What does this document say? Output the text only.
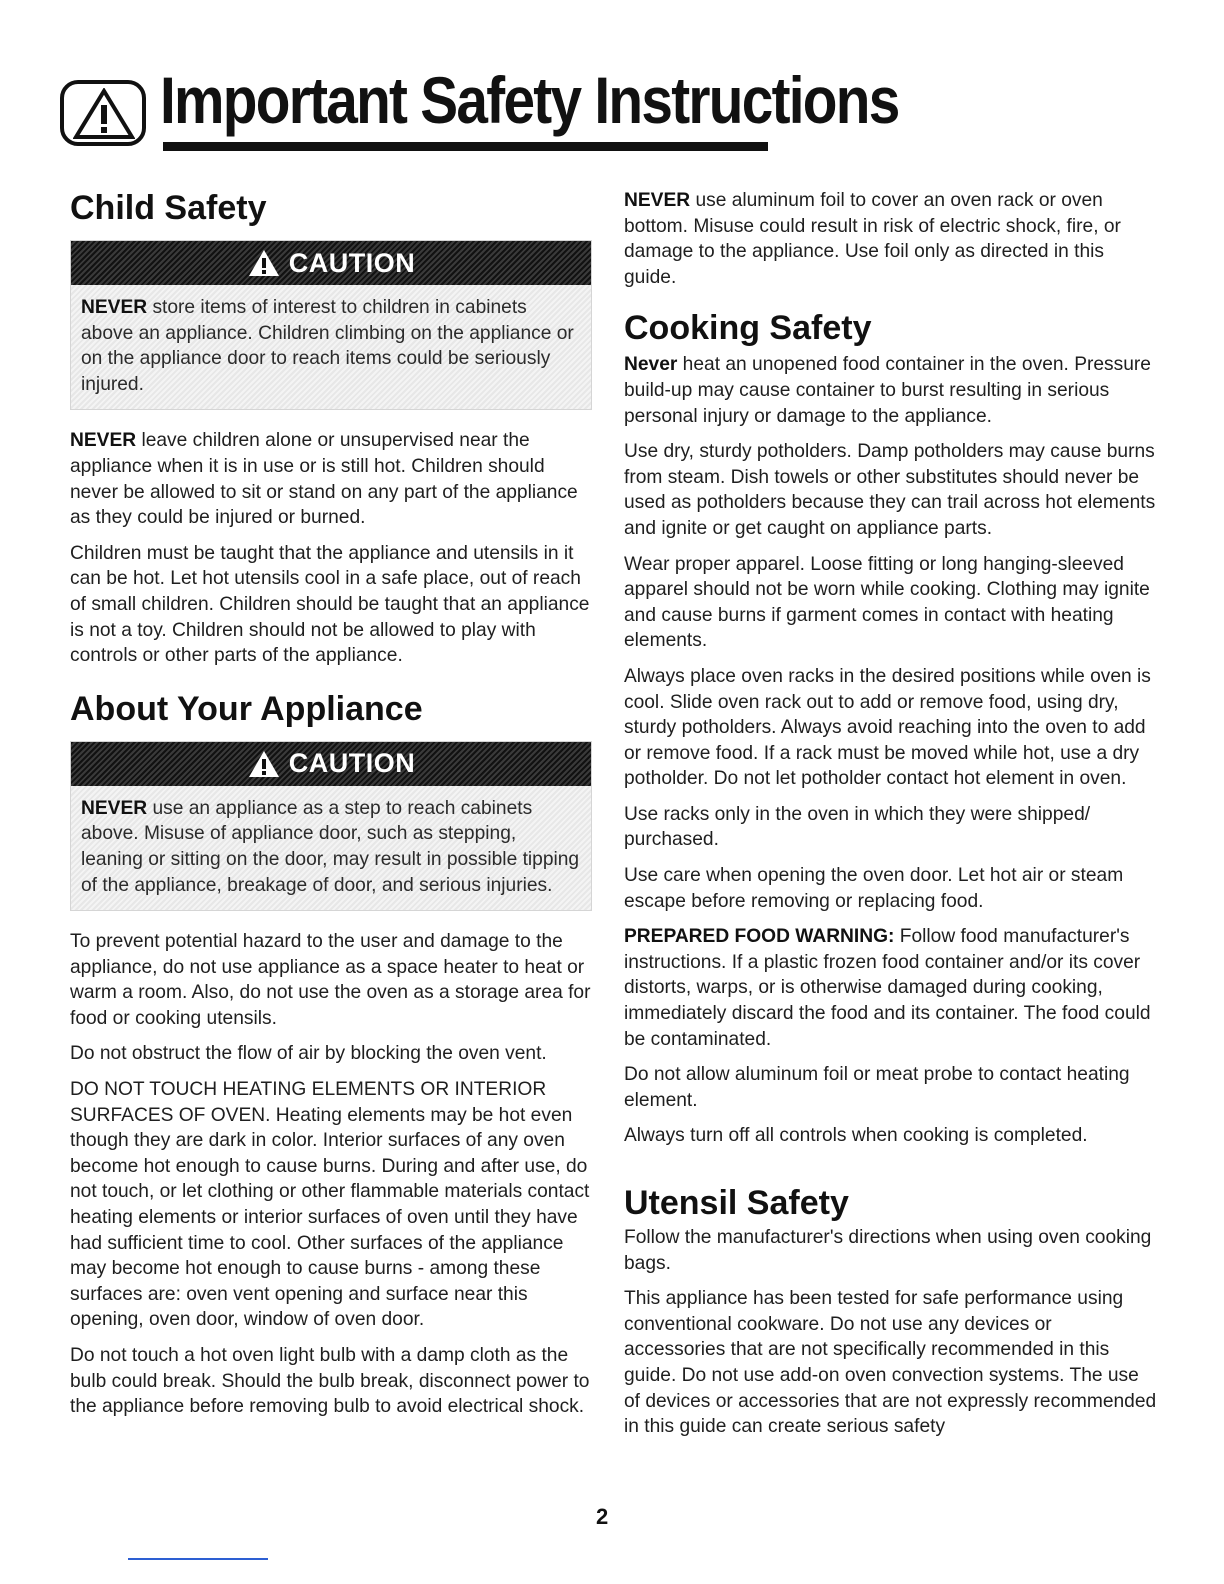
Important Safety Instructions
Child Safety
CAUTION
NEVER store items of interest to children in cabinets above an appliance. Children climbing on the appliance or on the appliance door to reach items could be seriously injured.

NEVER leave children alone or unsupervised near the appliance when it is in use or is still hot. Children should never be allowed to sit or stand on any part of the appliance as they could be injured or burned.

Children must be taught that the appliance and utensils in it can be hot. Let hot utensils cool in a safe place, out of reach of small children. Children should be taught that an appliance is not a toy. Children should not be allowed to play with controls or other parts of the appliance.

About Your Appliance
CAUTION
NEVER use an appliance as a step to reach cabinets above. Misuse of appliance door, such as stepping, leaning or sitting on the door, may result in possible tipping of the appliance, breakage of door, and serious injuries.

To prevent potential hazard to the user and damage to the appliance, do not use appliance as a space heater to heat or warm a room. Also, do not use the oven as a storage area for food or cooking utensils.

Do not obstruct the flow of air by blocking the oven vent.

DO NOT TOUCH HEATING ELEMENTS OR INTERIOR SURFACES OF OVEN. Heating elements may be hot even though they are dark in color. Interior surfaces of any oven become hot enough to cause burns. During and after use, do not touch, or let clothing or other flammable materials contact heating elements or interior surfaces of oven until they have had sufficient time to cool. Other surfaces of the appliance may become hot enough to cause burns - among these surfaces are: oven vent opening and surface near this opening, oven door, window of oven door.

Do not touch a hot oven light bulb with a damp cloth as the bulb could break. Should the bulb break, disconnect power to the appliance before removing bulb to avoid electrical shock.

NEVER use aluminum foil to cover an oven rack or oven bottom. Misuse could result in risk of electric shock, fire, or damage to the appliance. Use foil only as directed in this guide.

Cooking Safety

Never heat an unopened food container in the oven. Pressure build-up may cause container to burst resulting in serious personal injury or damage to the appliance.

Use dry, sturdy potholders. Damp potholders may cause burns from steam. Dish towels or other substitutes should never be used as potholders because they can trail across hot elements and ignite or get caught on appliance parts.

Wear proper apparel. Loose fitting or long hanging-sleeved apparel should not be worn while cooking. Clothing may ignite and cause burns if garment comes in contact with heating elements.

Always place oven racks in the desired positions while oven is cool. Slide oven rack out to add or remove food, using dry, sturdy potholders. Always avoid reaching into the oven to add or remove food. If a rack must be moved while hot, use a dry potholder. Do not let potholder contact hot element in oven.

Use racks only in the oven in which they were shipped/ purchased.

Use care when opening the oven door. Let hot air or steam escape before removing or replacing food.

PREPARED FOOD WARNING: Follow food manufacturer's instructions. If a plastic frozen food container and/or its cover distorts, warps, or is otherwise damaged during cooking, immediately discard the food and its container. The food could be contaminated.

Do not allow aluminum foil or meat probe to contact heating element.

Always turn off all controls when cooking is completed.

Utensil Safety

Follow the manufacturer's directions when using oven cooking bags.

This appliance has been tested for safe performance using conventional cookware. Do not use any devices or accessories that are not specifically recommended in this guide. Do not use add-on oven convection systems. The use of devices or accessories that are not expressly recommended in this guide can create serious safety

2
